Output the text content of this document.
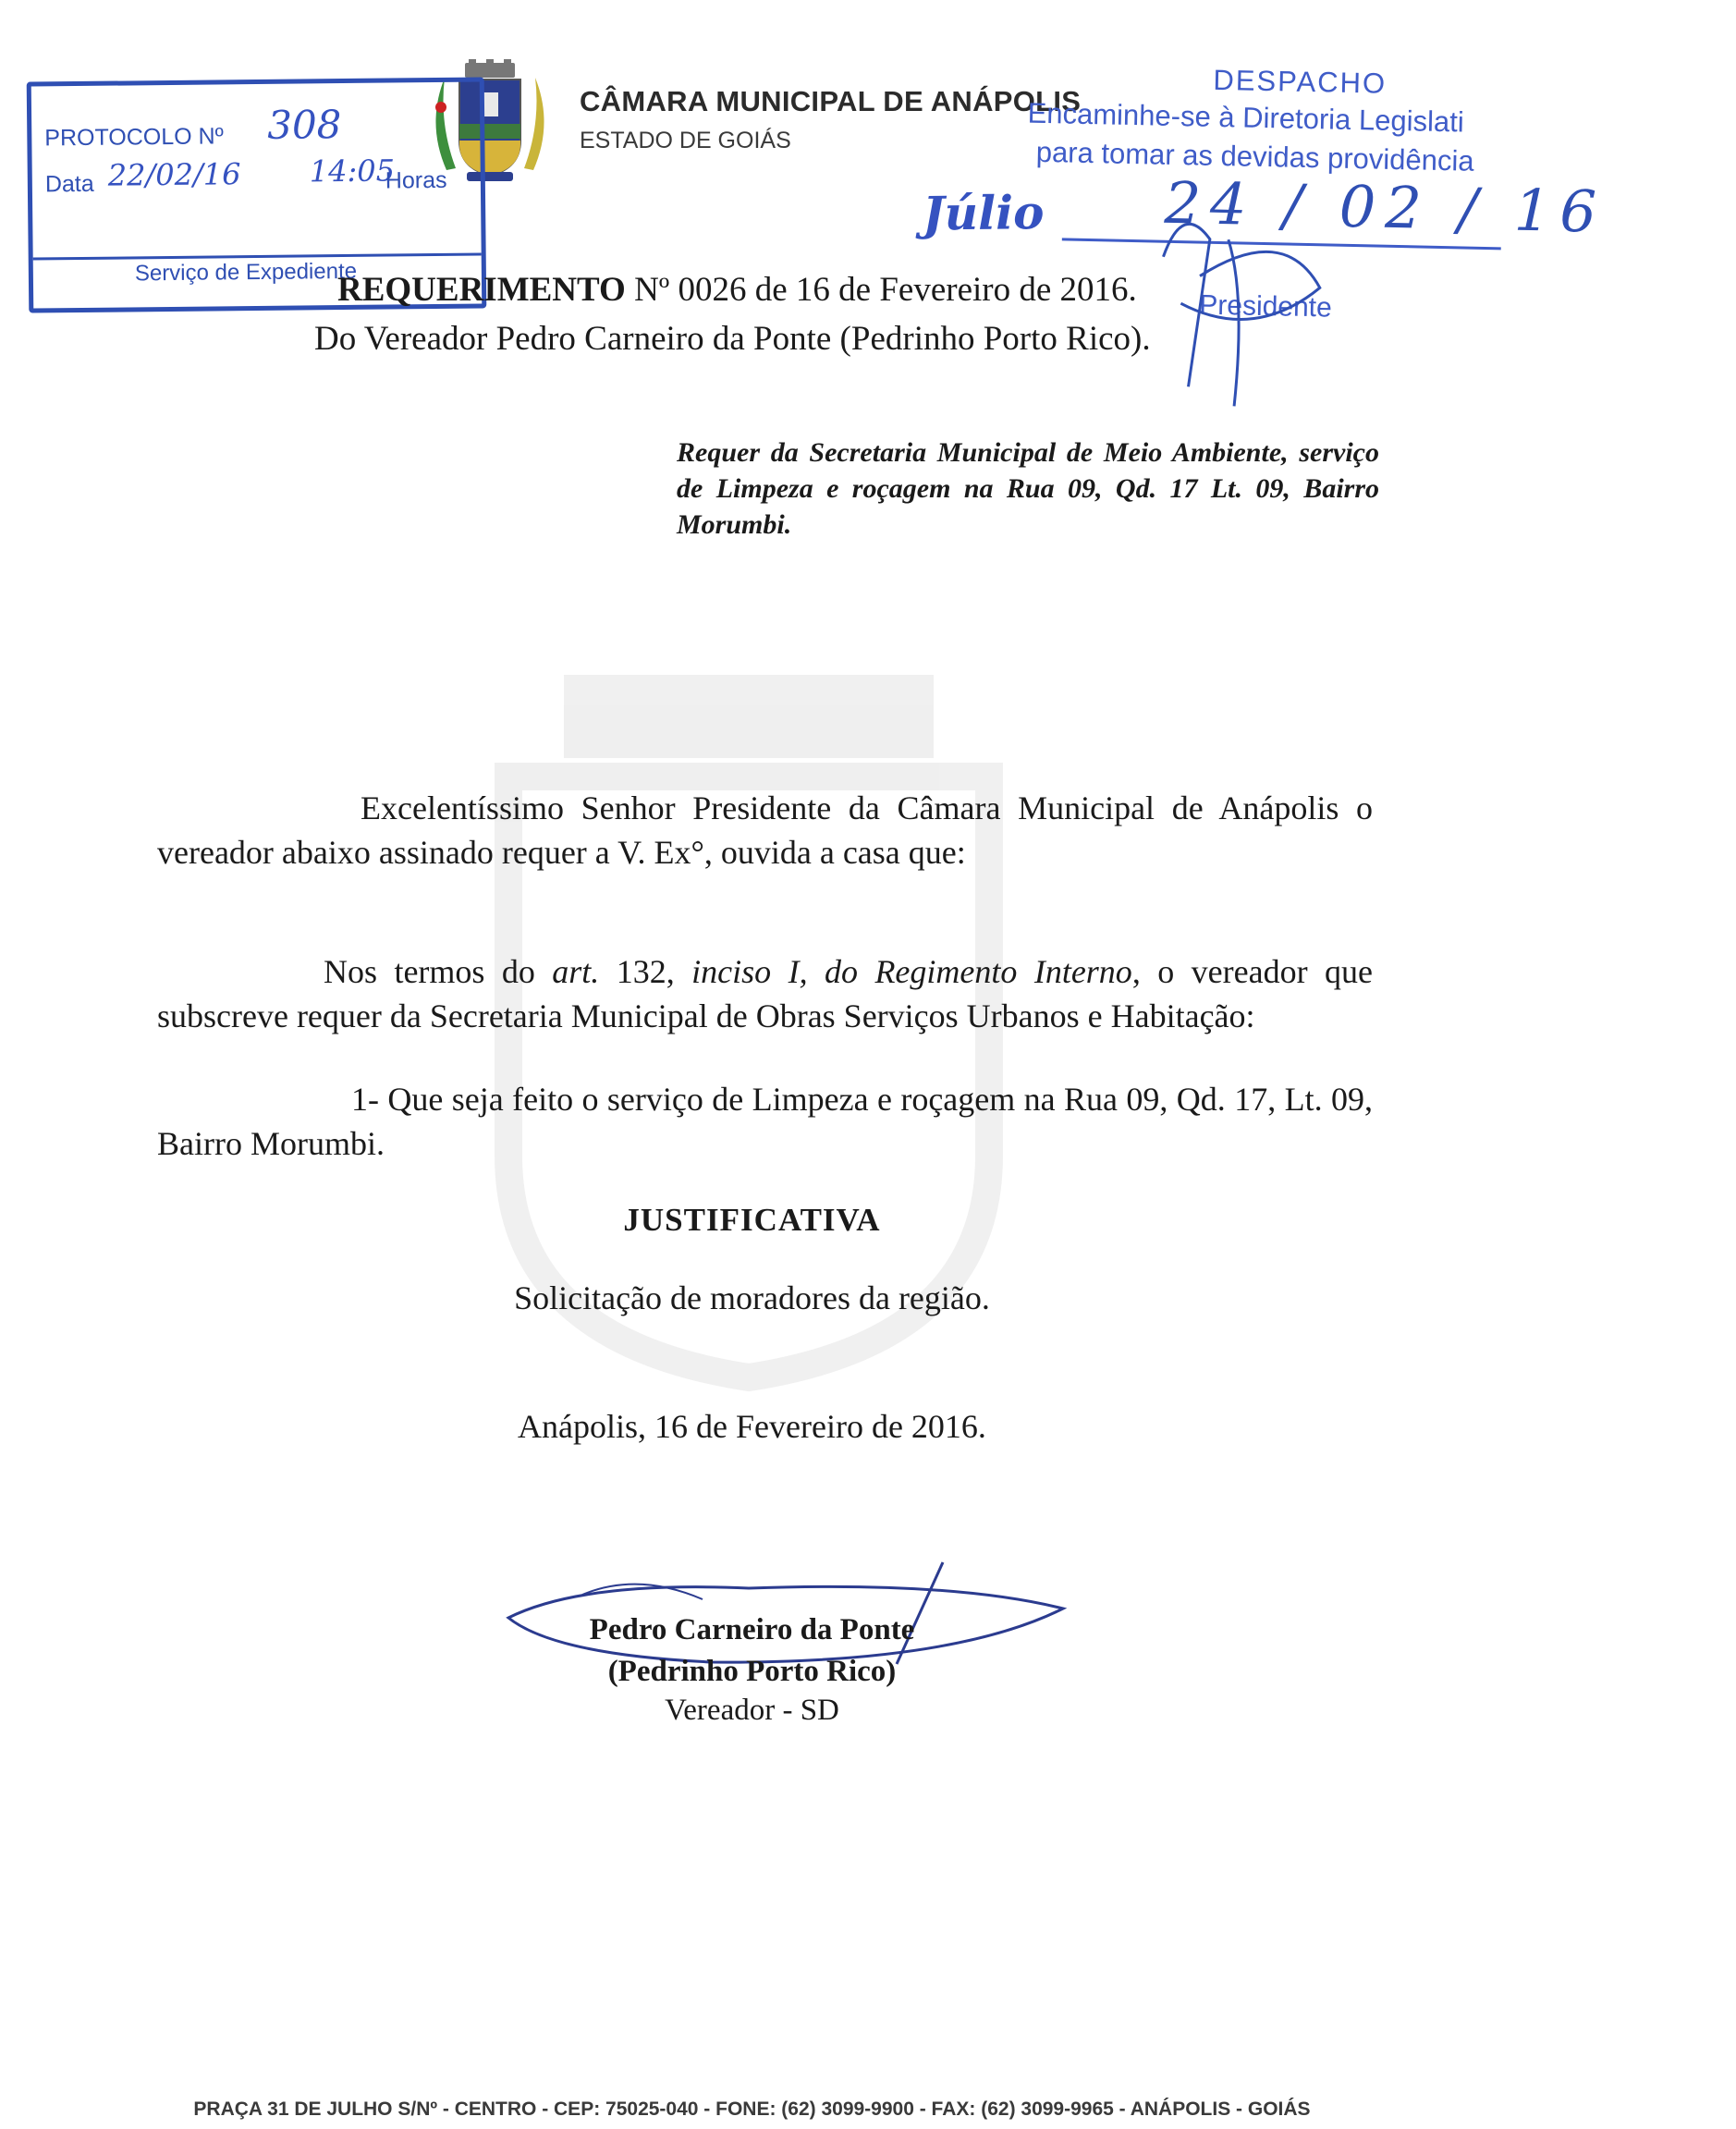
CÂMARA MUNICIPAL DE ANÁPOLIS
ESTADO DE GOIÁS
PROTOCOLO Nº 308
Data 22/02/16 14:05
Horas
Júlio
Serviço de Expediente
DESPACHO
Encaminhe-se à Diretoria Legislati
para tomar as devidas providência
24 / 02 / 16
Presidente
REQUERIMENTO Nº 0026 de 16 de Fevereiro de 2016.
Do Vereador Pedro Carneiro da Ponte (Pedrinho Porto Rico).
Requer da Secretaria Municipal de Meio Ambiente, serviço de Limpeza e roçagem na Rua 09, Qd. 17 Lt. 09, Bairro Morumbi.
Excelentíssimo Senhor Presidente da Câmara Municipal de Anápolis o vereador abaixo assinado requer a V. Ex°, ouvida a casa que:
Nos termos do art. 132, inciso I, do Regimento Interno, o vereador que subscreve requer da Secretaria Municipal de Obras Serviços Urbanos e Habitação:
1- Que seja feito o serviço de Limpeza e roçagem na Rua 09, Qd. 17, Lt. 09, Bairro Morumbi.
JUSTIFICATIVA
Solicitação de moradores da região.
Anápolis, 16 de Fevereiro de 2016.
Pedro Carneiro da Ponte
(Pedrinho Porto Rico)
Vereador - SD
PRAÇA 31 DE JULHO S/Nº - CENTRO - CEP: 75025-040 - FONE: (62) 3099-9900 - FAX: (62) 3099-9965 - ANÁPOLIS - GOIÁS
